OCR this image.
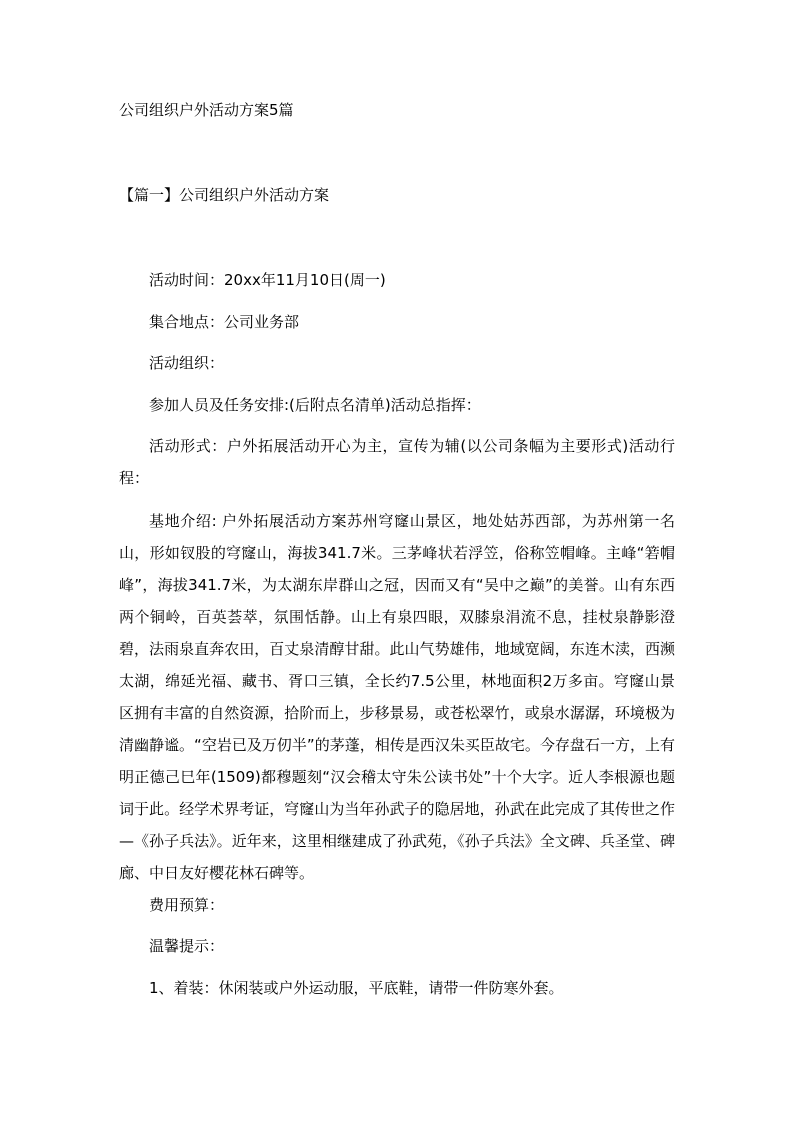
公司组织户外活动方案5篇
【篇一】公司组织户外活动方案

活动时间：20xx年11月10日(周一)

集合地点：公司业务部

活动组织：

参加人员及任务安排:(后附点名清单)活动总指挥：

活动形式：户外拓展活动开心为主，宣传为辅(以公司条幅为主要形式)活动行程：

基地介绍: 户外拓展活动方案苏州穹窿山景区，地处姑苏西部，为苏州第一名山，形如钗股的穹窿山，海拔341.7米。三茅峰状若浮笠，俗称笠帽峰。主峰“箬帽峰”，海拔341.7米，为太湖东岸群山之冠，因而又有“吴中之巅”的美誉。山有东西两个铜岭，百英荟萃，氛围恬静。山上有泉四眼，双膝泉涓流不息，挂杖泉静影澄碧，法雨泉直奔农田，百丈泉清醇甘甜。此山气势雄伟，地域宽阔，东连木渎，西濒太湖，绵延光福、藏书、胥口三镇，全长约7.5公里，林地面积2万多亩。穹窿山景区拥有丰富的自然资源，拾阶而上，步移景易，或苍松翠竹，或泉水潺潺，环境极为清幽静谧。“空岩已及万仞半”的茅蓬，相传是西汉朱买臣故宅。今存盘石一方，上有明正德己巳年(1509)都穆题刻“汉会稽太守朱公读书处”十个大字。近人李根源也题词于此。经学术界考证，穹窿山为当年孙武子的隐居地，孙武在此完成了其传世之作—《孙子兵法》。近年来，这里相继建成了孙武苑，《孙子兵法》全文碑、兵圣堂、碑廊、中日友好樱花林石碑等。

费用预算：

温馨提示：

1、着装：休闲装或户外运动服，平底鞋，请带一件防寒外套。
